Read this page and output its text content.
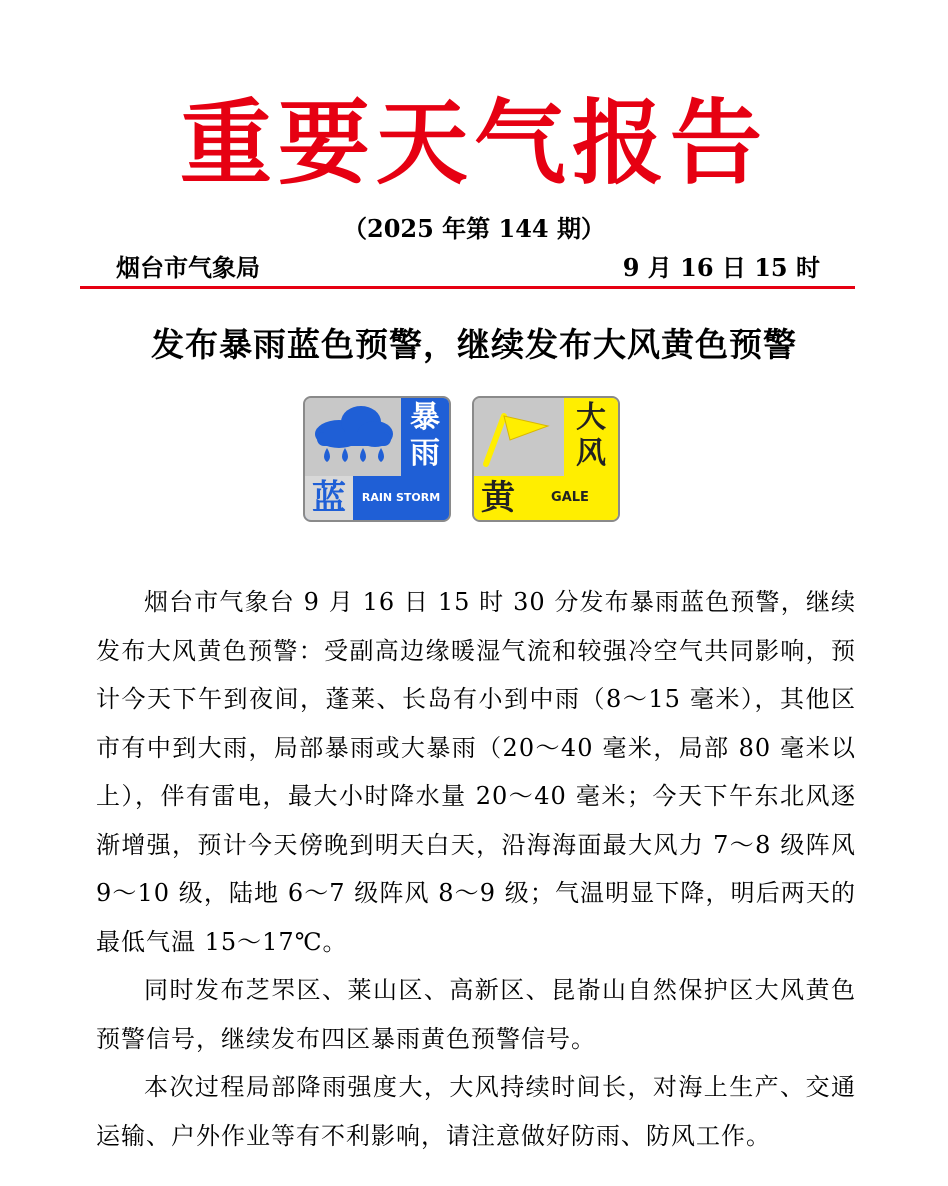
重要天气报告
（2025 年第 144 期）
烟台市气象局	9 月 16 日 15 时
发布暴雨蓝色预警，继续发布大风黄色预警
暴
雨
蓝	RAIN STORM
大
风
黄	GALE

烟台市气象台 9 月 16 日 15 时 30 分发布暴雨蓝色预警，继续发布大风黄色预警：受副高边缘暖湿气流和较强冷空气共同影响，预计今天下午到夜间，蓬莱、长岛有小到中雨（8～15 毫米），其他区市有中到大雨，局部暴雨或大暴雨（20～40 毫米，局部 80 毫米以上），伴有雷电，最大小时降水量 20～40 毫米；今天下午东北风逐渐增强，预计今天傍晚到明天白天，沿海海面最大风力 7～8 级阵风 9～10 级，陆地 6～7 级阵风 8～9 级；气温明显下降，明后两天的最低气温 15～17℃。

同时发布芝罘区、莱山区、高新区、昆嵛山自然保护区大风黄色预警信号，继续发布四区暴雨黄色预警信号。

本次过程局部降雨强度大，大风持续时间长，对海上生产、交通运输、户外作业等有不利影响，请注意做好防雨、防风工作。
